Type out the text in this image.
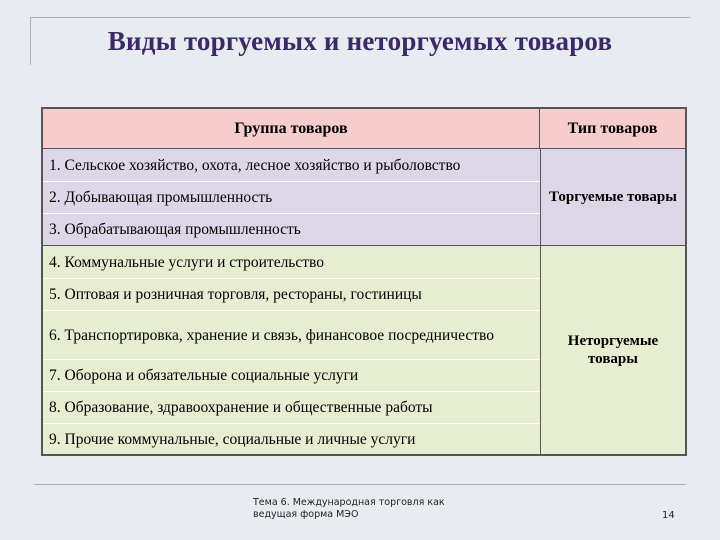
Виды торгуемых и неторгуемых товаров
Группа товаров	Тип товаров
1. Сельское хозяйство, охота, лесное хозяйство и рыболовство
2. Добывающая промышленность
3. Обрабатывающая промышленность
4. Коммунальные услуги и строительство
5. Оптовая и розничная торговля, рестораны, гостиницы
6. Транспортировка, хранение и связь, финансовое посредничество
7. Оборона и обязательные социальные услуги
8. Образование, здравоохранение и общественные работы
9. Прочие коммунальные, социальные и личные услуги
Торгуемые товары
Неторгуемые товары
Тема 6. Международная торговля как ведущая форма МЭО	14
